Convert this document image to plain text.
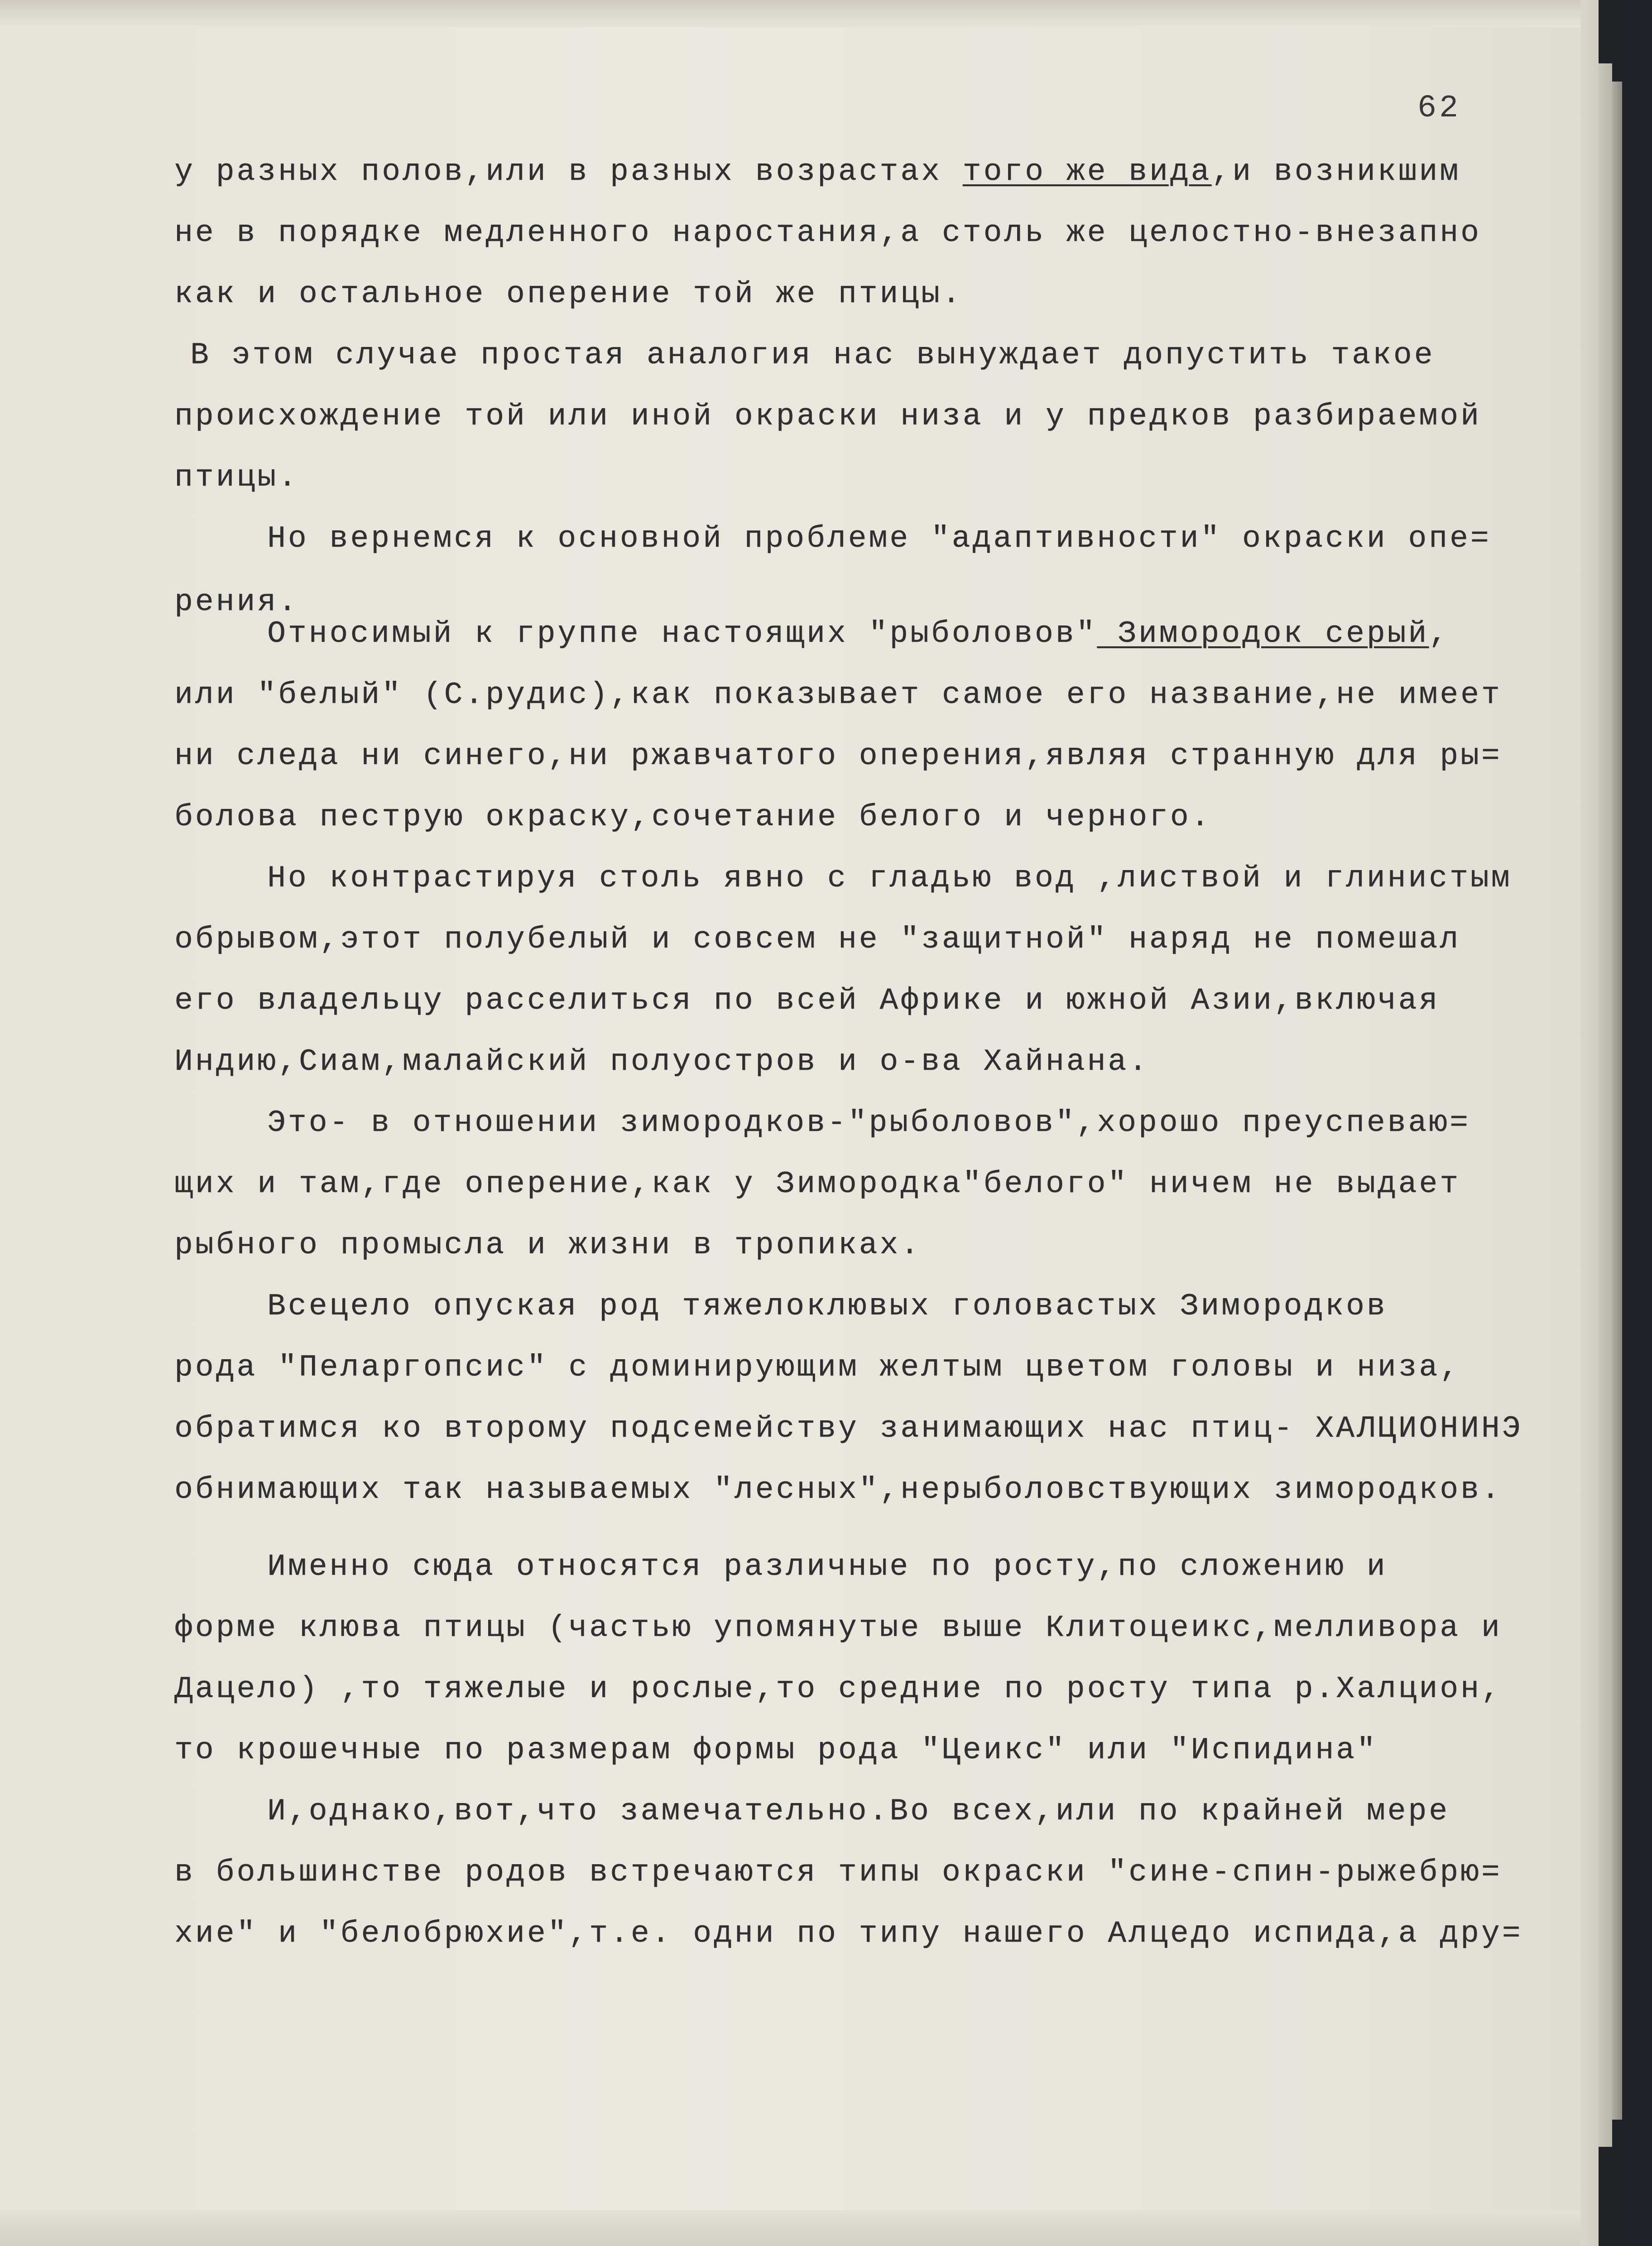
62
у разных полов,или в разных возрастах того же вида,и возникшим
не в порядке медленного наростания,а столь же целостно-внезапно
как и остальное оперение той же птицы.
В этом случае простая аналогия нас вынуждает допустить такое
происхождение той или иной окраски низа и у предков разбираемой
птицы.
Но вернемся к основной проблеме "адаптивности" окраски опе=
рения.
Относимый к группе настоящих "рыболовов" Зимородок серый,
или "белый" (С.рудис),как показывает самое его название,не имеет
ни следа ни синего,ни ржавчатого оперения,являя странную для ры=
болова пеструю окраску,сочетание белого и черного.
Но контрастируя столь явно с гладью вод ,листвой и глинистым
обрывом,этот полубелый и совсем не "защитной" наряд не помешал
его владельцу расселиться по всей Африке и южной Азии,включая
Индию,Сиам,малайский полуостров и о-ва Хайнана.
Это- в отношении зимородков-"рыболовов",хорошо преуспеваю=
щих и там,где оперение,как у Зимородка"белого" ничем не выдает
рыбного промысла и жизни в тропиках.
Всецело опуская род тяжелоклювых головастых Зимородков
рода "Пеларгопсис" с доминирующим желтым цветом головы и низа,
обратимся ко второму подсемейству занимающих нас птиц- ХАЛЦИОНИНЭ
обнимающих так называемых "лесных",нерыболовствующих зимородков.
Именно сюда относятся различные по росту,по сложению и
форме клюва птицы (частью упомянутые выше Клитоцеикс,мелливора и
Дацело) ,то тяжелые и рослые,то средние по росту типа р.Халцион,
то крошечные по размерам формы рода "Цеикс" или "Испидина"
И,однако,вот,что замечательно.Во всех,или по крайней мере
в большинстве родов встречаются типы окраски "сине-спин-рыжебрю=
хие" и "белобрюхие",т.е. одни по типу нашего Алцедо испида,а дру=
